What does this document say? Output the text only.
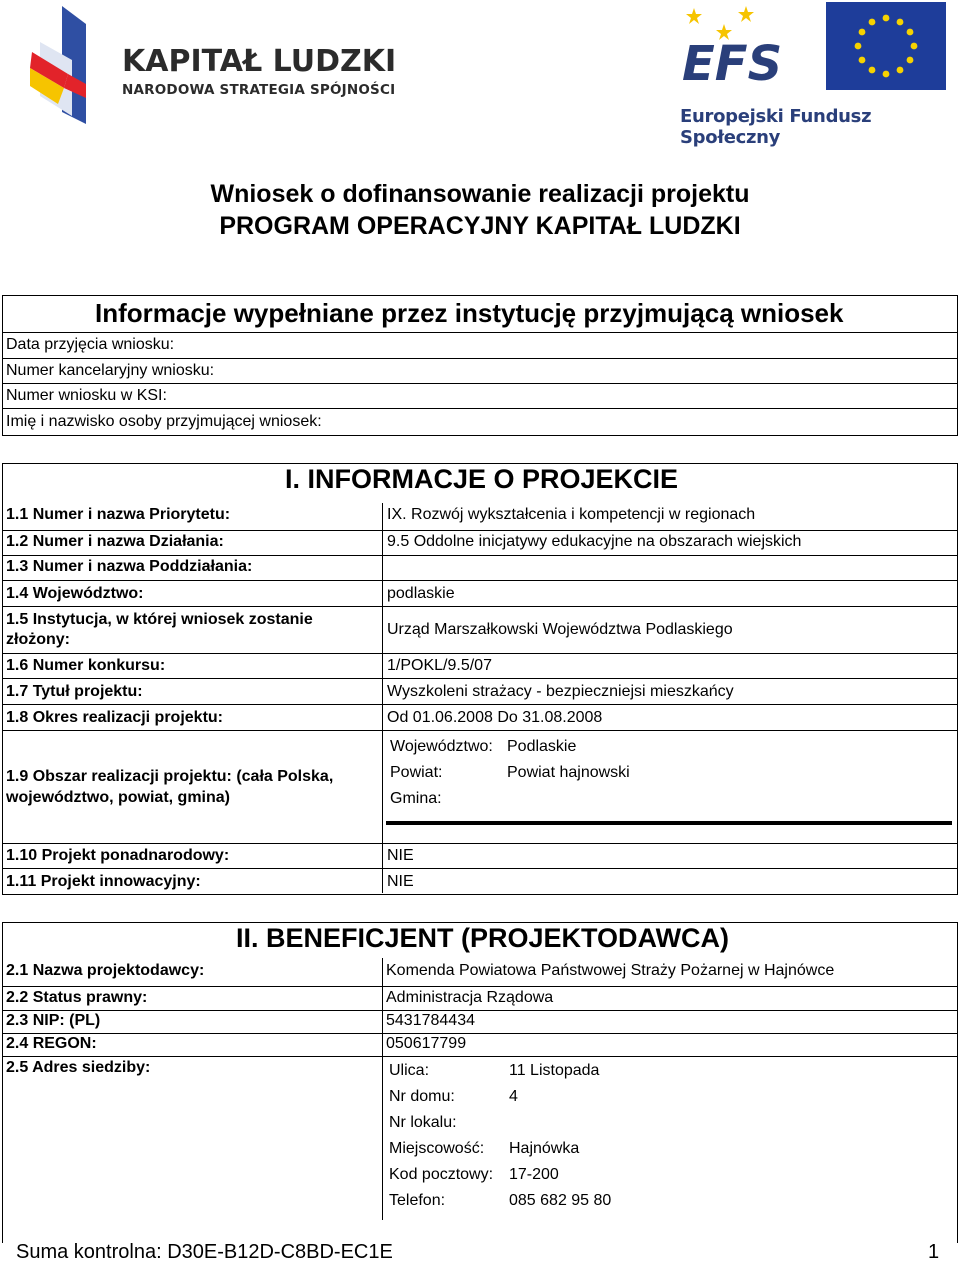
KAPITAŁ LUDZKI
NARODOWA STRATEGIA SPÓJNOŚCI	EFS
Europejski Fundusz Społeczny
Wniosek o dofinansowanie realizacji projektu
PROGRAM OPERACYJNY KAPITAŁ LUDZKI
Informacje wypełniane przez instytucję przyjmującą wniosek
Data przyjęcia wniosku:
Numer kancelaryjny wniosku:
Numer wniosku w KSI:
Imię i nazwisko osoby przyjmującej wniosek:
I. INFORMACJE O PROJEKCIE
1.1 Numer i nazwa Priorytetu:	IX. Rozwój wykształcenia i kompetencji w regionach
1.2 Numer i nazwa Działania:	9.5 Oddolne inicjatywy edukacyjne na obszarach wiejskich
1.3 Numer i nazwa Poddziałania:
1.4 Województwo:	podlaskie
1.5 Instytucja, w której wniosek zostanie
złożony:
Urząd Marszałkowski Województwa Podlaskiego
1.6 Numer konkursu:	1/POKL/9.5/07
1.7 Tytuł projektu:	Wyszkoleni strażacy - bezpieczniejsi mieszkańcy
1.8 Okres realizacji projektu:	Od 01.06.2008 Do 31.08.2008
1.9 Obszar realizacji projektu: (cała Polska,
województwo, powiat, gmina)
Województwo: Podlaskie
Powiat:	Powiat hajnowski
Gmina:
1.10 Projekt ponadnarodowy:	NIE
1.11 Projekt innowacyjny:	NIE
II. BENEFICJENT (PROJEKTODAWCA)
2.1 Nazwa projektodawcy:	Komenda Powiatowa Państwowej Straży Pożarnej w Hajnówce
2.2 Status prawny:	Administracja Rządowa
2.3 NIP: (PL)	5431784434
2.4 REGON:	050617799
2.5 Adres siedziby:	Ulica:	11 Listopada
Nr domu:	4
Nr lokalu:
Miejscowość: Hajnówka
Kod pocztowy: 17-200
Telefon:	085 682 95 80
Suma kontrolna: D30E-B12D-C8BD-EC1E	1
